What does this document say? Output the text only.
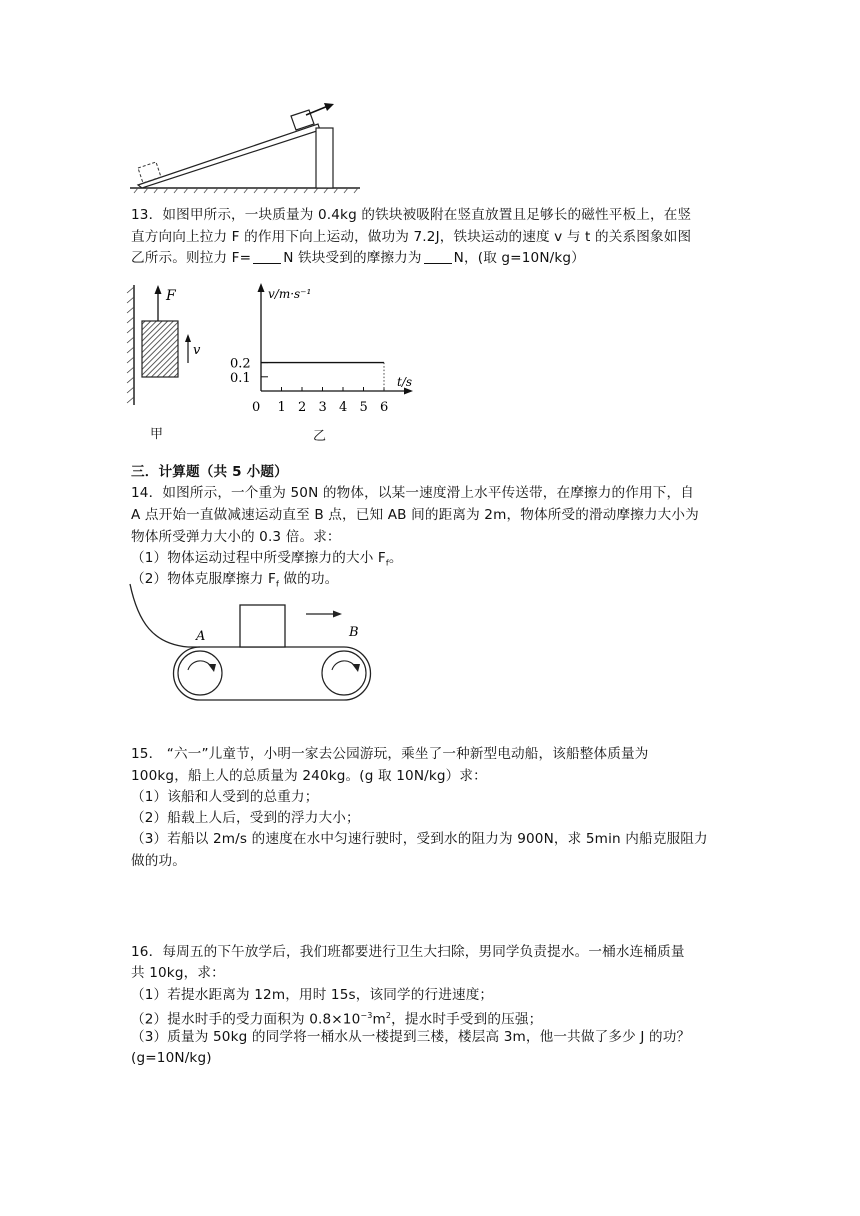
13．如图甲所示，一块质量为 0.4kg 的铁块被吸附在竖直放置且足够长的磁性平板上，在竖
直方向向上拉力 F 的作用下向上运动，做功为 7.2J，铁块运动的速度 v 与 t 的关系图象如图
乙所示。则拉力 F= N 铁块受到的摩擦力为 N，(取 g=10N/kg）
F
v
甲
v/m·s⁻¹
t/s
0 1 2 3 4 5 6
0.1
0.2
乙
三．计算题（共 5 小题）
14．如图所示，一个重为 50N 的物体，以某一速度滑上水平传送带，在摩擦力的作用下，自
A 点开始一直做减速运动直至 B 点，已知 AB 间的距离为 2m，物体所受的滑动摩擦力大小为
物体所受弹力大小的 0.3 倍。求：
（1）物体运动过程中所受摩擦力的大小 $F_f$。
（2）物体克服摩擦力 $F_f$ 做的功。
A	B
15． “六一”儿童节，小明一家去公园游玩，乘坐了一种新型电动船，该船整体质量为
100kg，船上人的总质量为 240kg。(g 取 10N/kg）求：
（1）该船和人受到的总重力；
（2）船载上人后，受到的浮力大小；
（3）若船以 2m/s 的速度在水中匀速行驶时，受到水的阻力为 900N，求 5min 内船克服阻力
做的功。
16．每周五的下午放学后，我们班都要进行卫生大扫除，男同学负责提水。一桶水连桶质量
共 10kg，求：
（1）若提水距离为 12m，用时 15s，该同学的行进速度；
（2）提水时手的受力面积为 $0.8\times 10^{-3}m^2$，提水时手受到的压强；
（3）质量为 50kg 的同学将一桶水从一楼提到三楼，楼层高 3m，他一共做了多少 J 的功？
(g=10N/kg)
